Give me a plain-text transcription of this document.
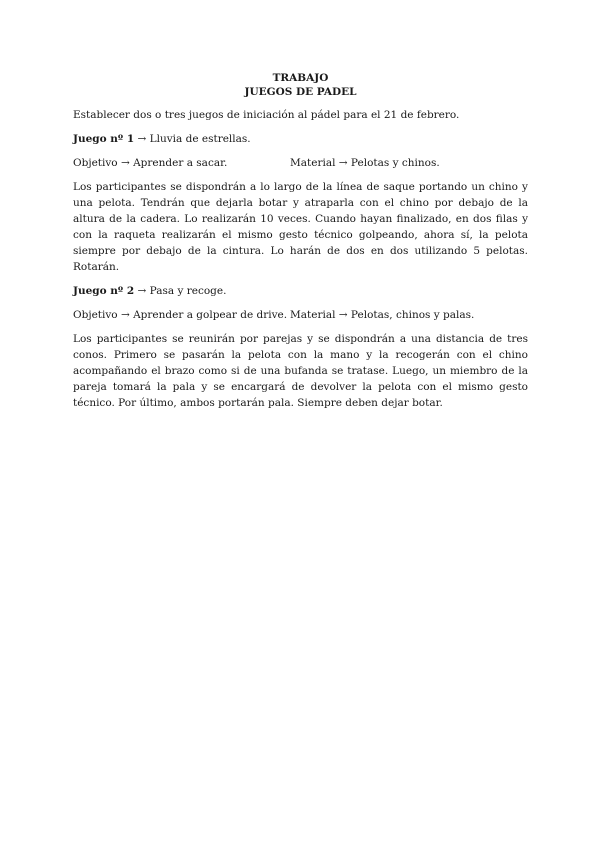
TRABAJO
JUEGOS DE PADEL

Establecer dos o tres juegos de iniciación al pádel para el 21 de febrero.

Juego nº 1 → Lluvia de estrellas.

Objetivo → Aprender a sacar.	Material → Pelotas y chinos.

Los participantes se dispondrán a lo largo de la línea de saque portando un chino y una pelota. Tendrán que dejarla botar y atraparla con el chino por debajo de la altura de la cadera. Lo realizarán 10 veces. Cuando hayan finalizado, en dos filas y con la raqueta realizarán el mismo gesto técnico golpeando, ahora sí, la pelota siempre por debajo de la cintura. Lo harán de dos en dos utilizando 5 pelotas. Rotarán.

Juego nº 2 → Pasa y recoge.

Objetivo → Aprender a golpear de drive. Material → Pelotas, chinos y palas.

Los participantes se reunirán por parejas y se dispondrán a una distancia de tres conos. Primero se pasarán la pelota con la mano y la recogerán con el chino acompañando el brazo como si de una bufanda se tratase. Luego, un miembro de la pareja tomará la pala y se encargará de devolver la pelota con el mismo gesto técnico. Por último, ambos portarán pala. Siempre deben dejar botar.
